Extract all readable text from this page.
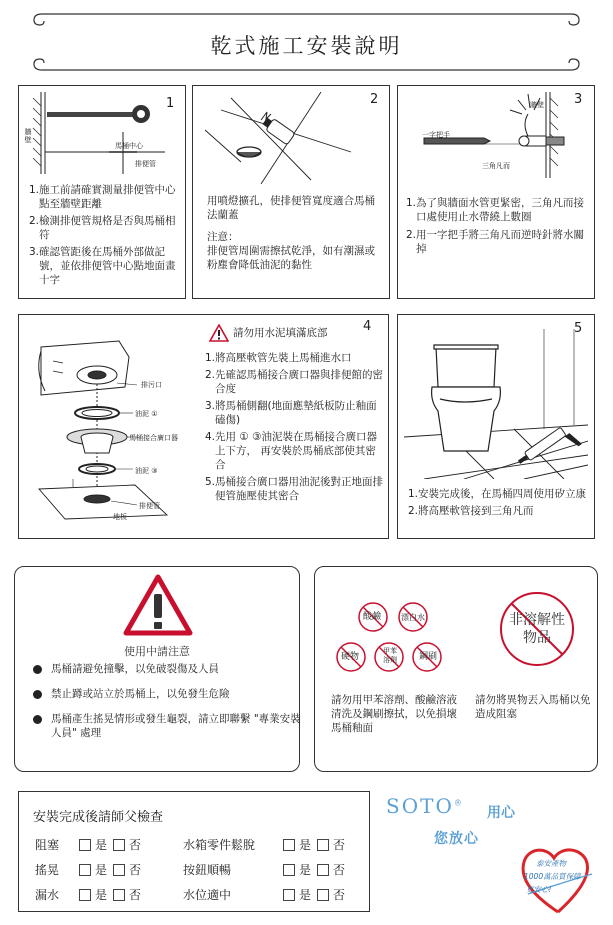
乾式施工安裝說明
1
牆壁
馬桶中心
排便管
1. 施工前請確實測量排便管中心點至牆壁距離
2. 檢測排便管規格是否與馬桶相符
3. 確認管距後在馬桶外部做記號，並依排便管中心點地面畫十字
2
用噴燈擴孔，使排便管寬度適合馬桶法蘭蓋
注意：
排便管周圍需擦拭乾淨，如有潮濕或粉塵會降低油泥的黏性
3
牆壁
一字把手
三角凡而
1. 為了與牆面水管更緊密，三角凡而接口處使用止水帶繞上數圈
2. 用一字把手將三角凡而逆時針將水關掉
4
請勿用水泥填滿底部
排污口
油泥 ①
馬桶接合廣口器
油泥 ③
排便管
地板
1. 將高壓軟管先裝上馬桶進水口
2. 先確認馬桶接合廣口器與排便館的密合度
3. 將馬桶側翻(地面應墊紙板防止釉面磕傷)
4. 先用 ① ③油泥裝在馬桶接合廣口器上下方， 再安裝於馬桶底部使其密合
5. 馬桶接合廣口器用油泥後對正地面排便管施壓使其密合
5
1. 安裝完成後，在馬桶四周使用矽立康
2. 將高壓軟管接到三角凡而
使用中請注意
馬桶請避免撞擊，以免破裂傷及人員
禁止蹲或站立於馬桶上，以免發生危險
馬桶產生搖晃情形或發生龜裂，請立即聯繫 "專業安裝人員" 處理
酸鹼 漂白水
硬物
甲苯溶劑	鋼刷
非溶解性物品
請勿用甲苯溶劑、酸鹼溶液清洗及鋼刷擦拭，以免損壞馬桶釉面
請勿將異物丟入馬桶以免造成阻塞
安裝完成後請師父檢查
阻塞	是 否	水箱零件鬆脫	是 否
搖晃	是 否	按鈕順暢	是 否
漏水	是 否	水位適中	是 否
SOTO®
用心
您放心
泰安產物
1000萬品質保障
更安心!
